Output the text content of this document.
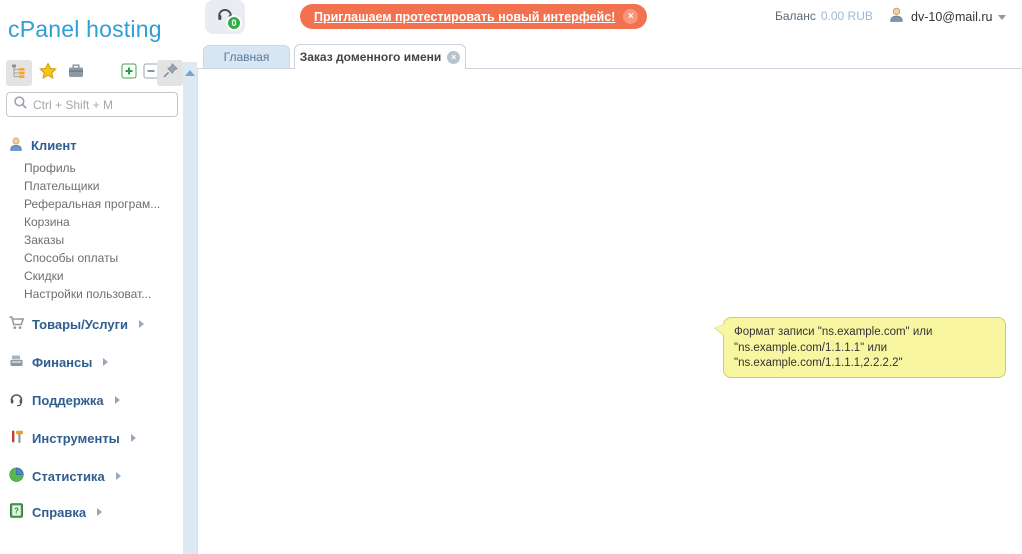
cPanel hosting
Ctrl + Shift + M
Клиент
Профиль
Плательщики
Реферальная програм...
Корзина
Заказы
Способы оплаты
Скидки
Настройки пользоват...
Товары/Услуги
Финансы
Поддержка
Инструменты
Статистика
? Справка
0	Приглашаем протестировать новый интерфейс!	×	Баланс 0.00 RUB	dv-10@mail.ru
Главная	Заказ доменного имени	×
Формат записи "ns.example.com" или
"ns.example.com/1.1.1.1" или
"ns.example.com/1.1.1.1,2.2.2.2"
